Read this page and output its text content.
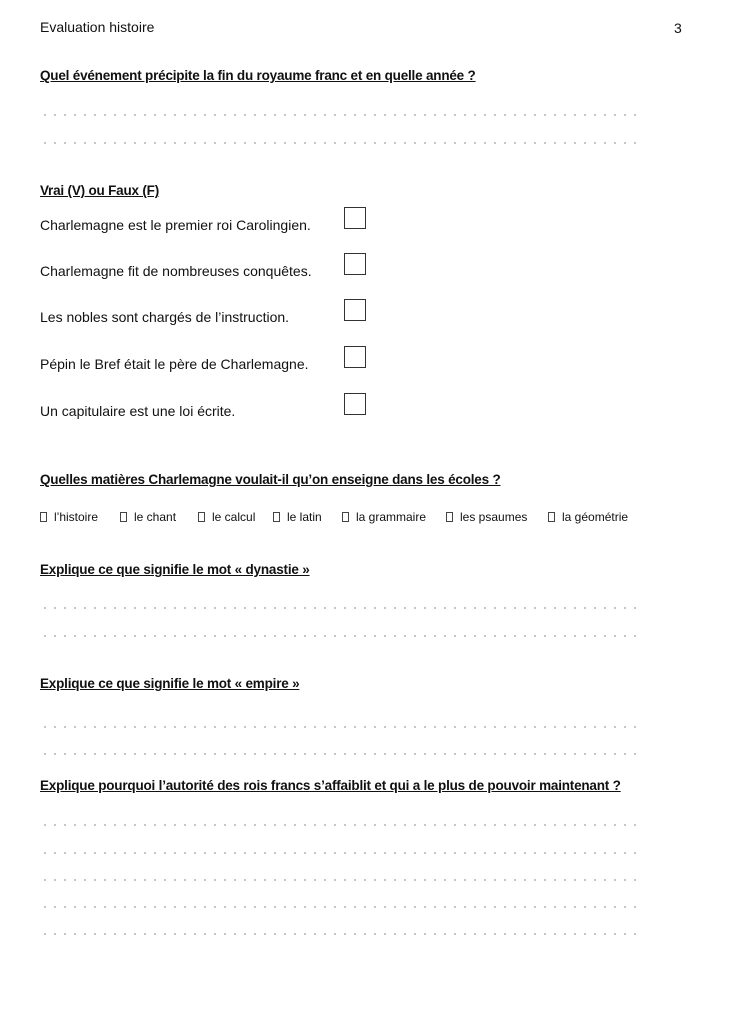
Evaluation histoire	3
Quel événement précipite la fin du royaume franc et en quelle année ?
Vrai (V) ou Faux (F)
Charlemagne est le premier roi Carolingien.
Charlemagne fit de nombreuses conquêtes.
Les nobles sont chargés de l’instruction.
Pépin le Bref était le père de Charlemagne.
Un capitulaire est une loi écrite.
Quelles matières Charlemagne voulait-il qu’on enseigne dans les écoles ?
l’histoire	le chant	le calcul	le latin	la grammaire	les psaumes	la géométrie
Explique ce que signifie le mot « dynastie »
Explique ce que signifie le mot « empire »
Explique pourquoi l’autorité des rois francs s’affaiblit et qui a le plus de pouvoir maintenant ?
